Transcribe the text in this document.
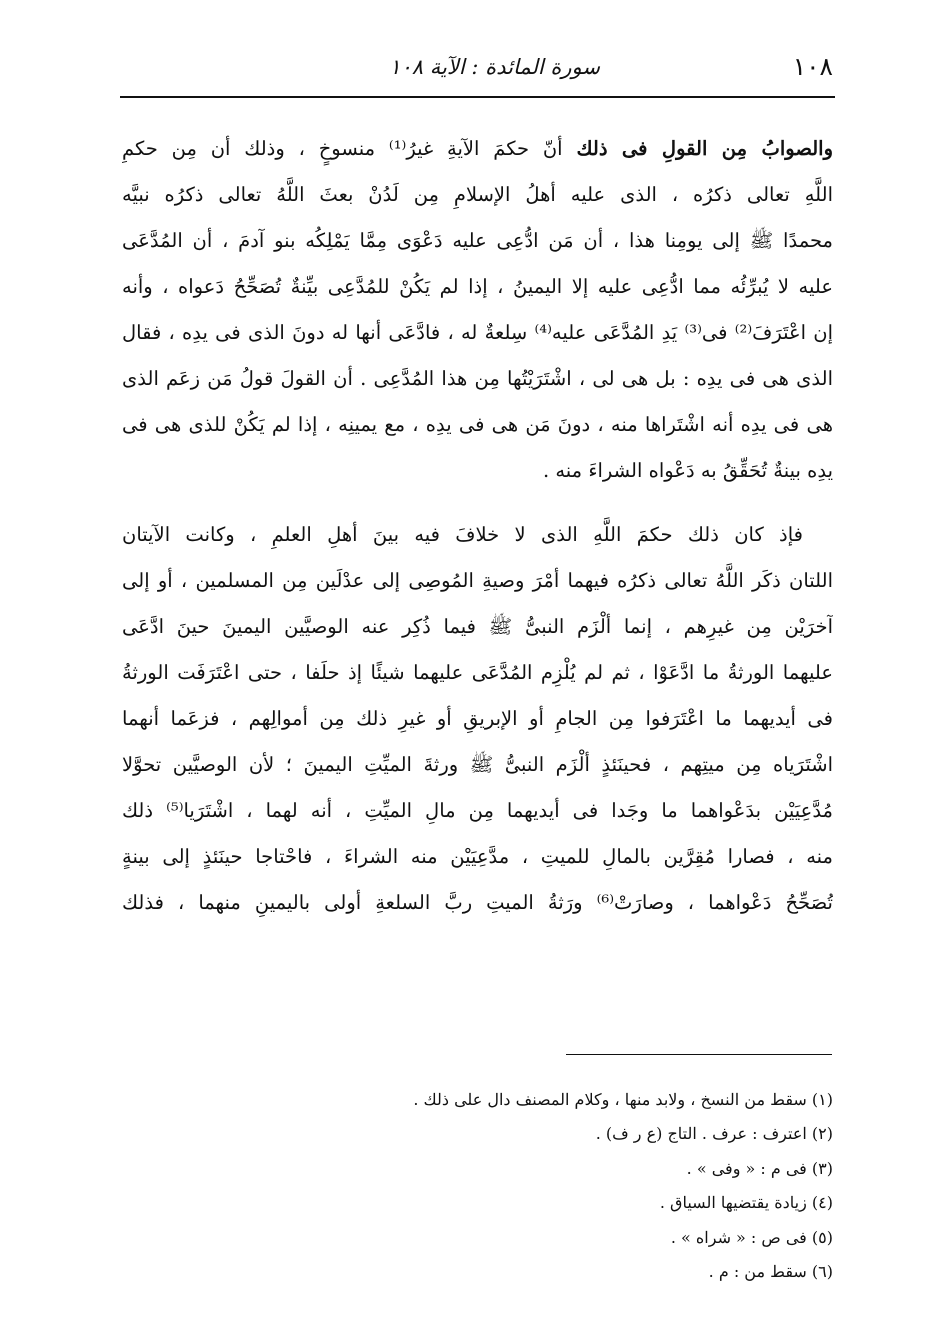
١٠٨
سورة المائدة : الآية ١٠٨
والصوابُ مِن القولِ فى ذلك أنّ حكمَ الآيةِ غيرُ⁽¹⁾ منسوخٍ ، وذلك أن مِن حكمِ
اللَّهِ تعالى ذكرُه ، الذى عليه أهلُ الإسلامِ مِن لَدُنْ بعثَ اللَّهُ تعالى ذكرُه نبيَّه
محمدًا ﷺ إلى يومِنا هذا ، أن مَن ادُّعِى عليه دَعْوَى مِمَّا يَمْلِكُه بنو آدمَ ، أن المُدَّعَى
عليه لا يُبرِّئُه مما ادُّعِى عليه إلا اليمينُ ، إذا لم يَكُنْ للمُدَّعِى بيِّنةٌ تُصَحِّحُ دَعواه ، وأنه
إن اعْتَرَفَ⁽²⁾ فى⁽³⁾ يَدِ المُدَّعَى عليه⁽⁴⁾ سِلعةٌ له ، فادَّعَى أنها له دونَ الذى فى يدِه ، فقال
الذى هى فى يدِه : بل هى لى ، اشْتَرَيْتُها مِن هذا المُدَّعِى . أن القولَ قولُ مَن زعَم الذى
هى فى يدِه أنه اشْتَراها منه ، دونَ مَن هى فى يدِه ، مع يمينِه ، إذا لم يَكُنْ للذى هى فى
يدِه بينةٌ تُحَقِّقُ به دَعْواه الشراءَ منه .
فإذ كان ذلك حكمَ اللَّهِ الذى لا خلافَ فيه بينَ أهلِ العلمِ ، وكانت الآيتان
اللتان ذكَر اللَّهُ تعالى ذكرُه فيهما أمْرَ وصيةِ المُوصِى إلى عدْلَين مِن المسلمين ، أو إلى
آخرَيْن مِن غيرِهم ، إنما ألْزَم النبىُّ ﷺ فيما ذُكِر عنه الوصيَّين اليمينَ حينَ ادَّعَى
عليهما الورثةُ ما ادَّعَوْا ، ثم لم يُلْزِم المُدَّعَى عليهما شيئًا إذ حلَفا ، حتى اعْتَرَفَت الورثةُ
فى أيديهما ما اعْتَرَفوا مِن الجامِ أو الإبريقِ أو غيرِ ذلك مِن أموالِهم ، فزعَما أنهما
اشْتَرَياه مِن ميتِهم ، فحينَئذٍ ألْزَم النبىُّ ﷺ ورثةَ الميِّتِ اليمينَ ؛ لأن الوصيَّين تحوَّلا
مُدَّعِيَيْن بدَعْواهما ما وجَدا فى أيديهما مِن مالِ الميِّتِ ، أنه لهما ، اشْتَرَيا⁽⁵⁾ ذلك
منه ، فصارا مُقِرَّين بالمالِ للميتِ ، مدَّعِيَيْن منه الشراءَ ، فاحْتاجا حينَئذٍ إلى بينةٍ
تُصَحِّحُ دَعْواهما ، وصارَتْ⁽⁶⁾ ورَثةُ الميتِ ربَّ السلعةِ أولى باليمينِ منهما ، فذلك
(١) سقط من النسخ ، ولابد منها ، وكلام المصنف دال على ذلك .
(٢) اعترف : عرف . التاج (ع ر ف) .
(٣) فى م : « وفى » .
(٤) زيادة يقتضيها السياق .
(٥) فى ص : « شراه » .
(٦) سقط من : م .
